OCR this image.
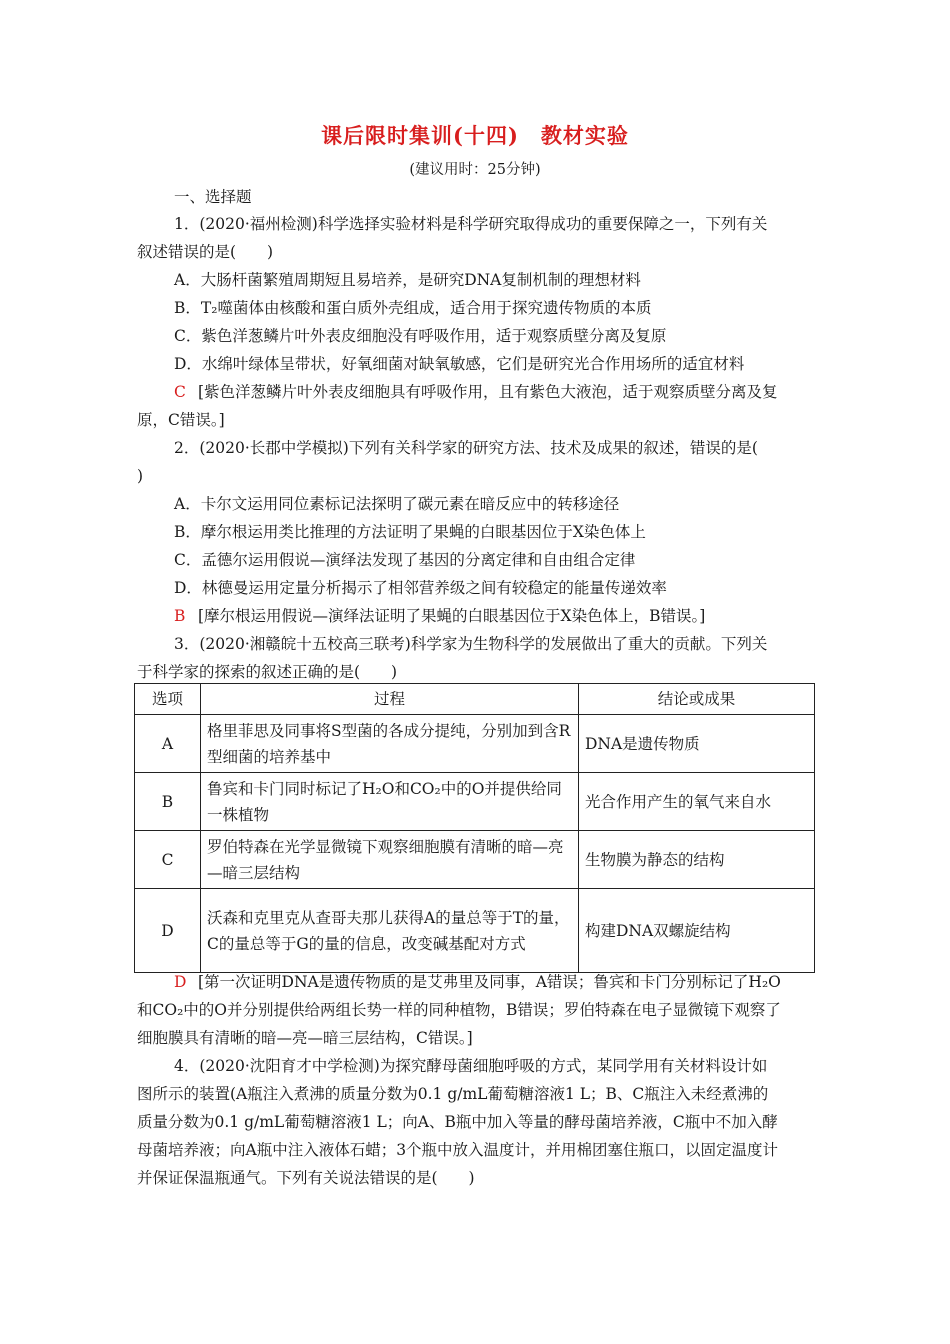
课后限时集训(十四)　教材实验
(建议用时：25分钟)
一、选择题
1．(2020·福州检测)科学选择实验材料是科学研究取得成功的重要保障之一，下列有关
叙述错误的是(　　)
A．大肠杆菌繁殖周期短且易培养，是研究DNA复制机制的理想材料
B．T₂噬菌体由核酸和蛋白质外壳组成，适合用于探究遗传物质的本质
C．紫色洋葱鳞片叶外表皮细胞没有呼吸作用，适于观察质壁分离及复原
D．水绵叶绿体呈带状，好氧细菌对缺氧敏感，它们是研究光合作用场所的适宜材料
C [紫色洋葱鳞片叶外表皮细胞具有呼吸作用，且有紫色大液泡，适于观察质壁分离及复
原，C错误。]
2．(2020·长郡中学模拟)下列有关科学家的研究方法、技术及成果的叙述，错误的是(
)
A．卡尔文运用同位素标记法探明了碳元素在暗反应中的转移途径
B．摩尔根运用类比推理的方法证明了果蝇的白眼基因位于X染色体上
C．孟德尔运用假说—演绎法发现了基因的分离定律和自由组合定律
D．林德曼运用定量分析揭示了相邻营养级之间有较稳定的能量传递效率
B [摩尔根运用假说—演绎法证明了果蝇的白眼基因位于X染色体上，B错误。]
3．(2020·湘赣皖十五校高三联考)科学家为生物科学的发展做出了重大的贡献。下列关
于科学家的探索的叙述正确的是(　　)
选项	过程	结论或成果
A	格里菲思及同事将S型菌的各成分提纯，分别加到含R型细菌的培养基中	DNA是遗传物质
B	鲁宾和卡门同时标记了H₂O和CO₂中的O并提供给同一株植物	光合作用产生的氧气来自水
C	罗伯特森在光学显微镜下观察细胞膜有清晰的暗—亮—暗三层结构	生物膜为静态的结构
D	沃森和克里克从查哥夫那儿获得A的量总等于T的量，C的量总等于G的量的信息，改变碱基配对方式	构建DNA双螺旋结构
D [第一次证明DNA是遗传物质的是艾弗里及同事，A错误；鲁宾和卡门分别标记了H₂O
和CO₂中的O并分别提供给两组长势一样的同种植物，B错误；罗伯特森在电子显微镜下观察了
细胞膜具有清晰的暗—亮—暗三层结构，C错误。]
4．(2020·沈阳育才中学检测)为探究酵母菌细胞呼吸的方式，某同学用有关材料设计如
图所示的装置(A瓶注入煮沸的质量分数为0.1 g/mL葡萄糖溶液1 L；B、C瓶注入未经煮沸的
质量分数为0.1 g/mL葡萄糖溶液1 L；向A、B瓶中加入等量的酵母菌培养液，C瓶中不加入酵
母菌培养液；向A瓶中注入液体石蜡；3个瓶中放入温度计，并用棉团塞住瓶口，以固定温度计
并保证保温瓶通气。下列有关说法错误的是(　　)
